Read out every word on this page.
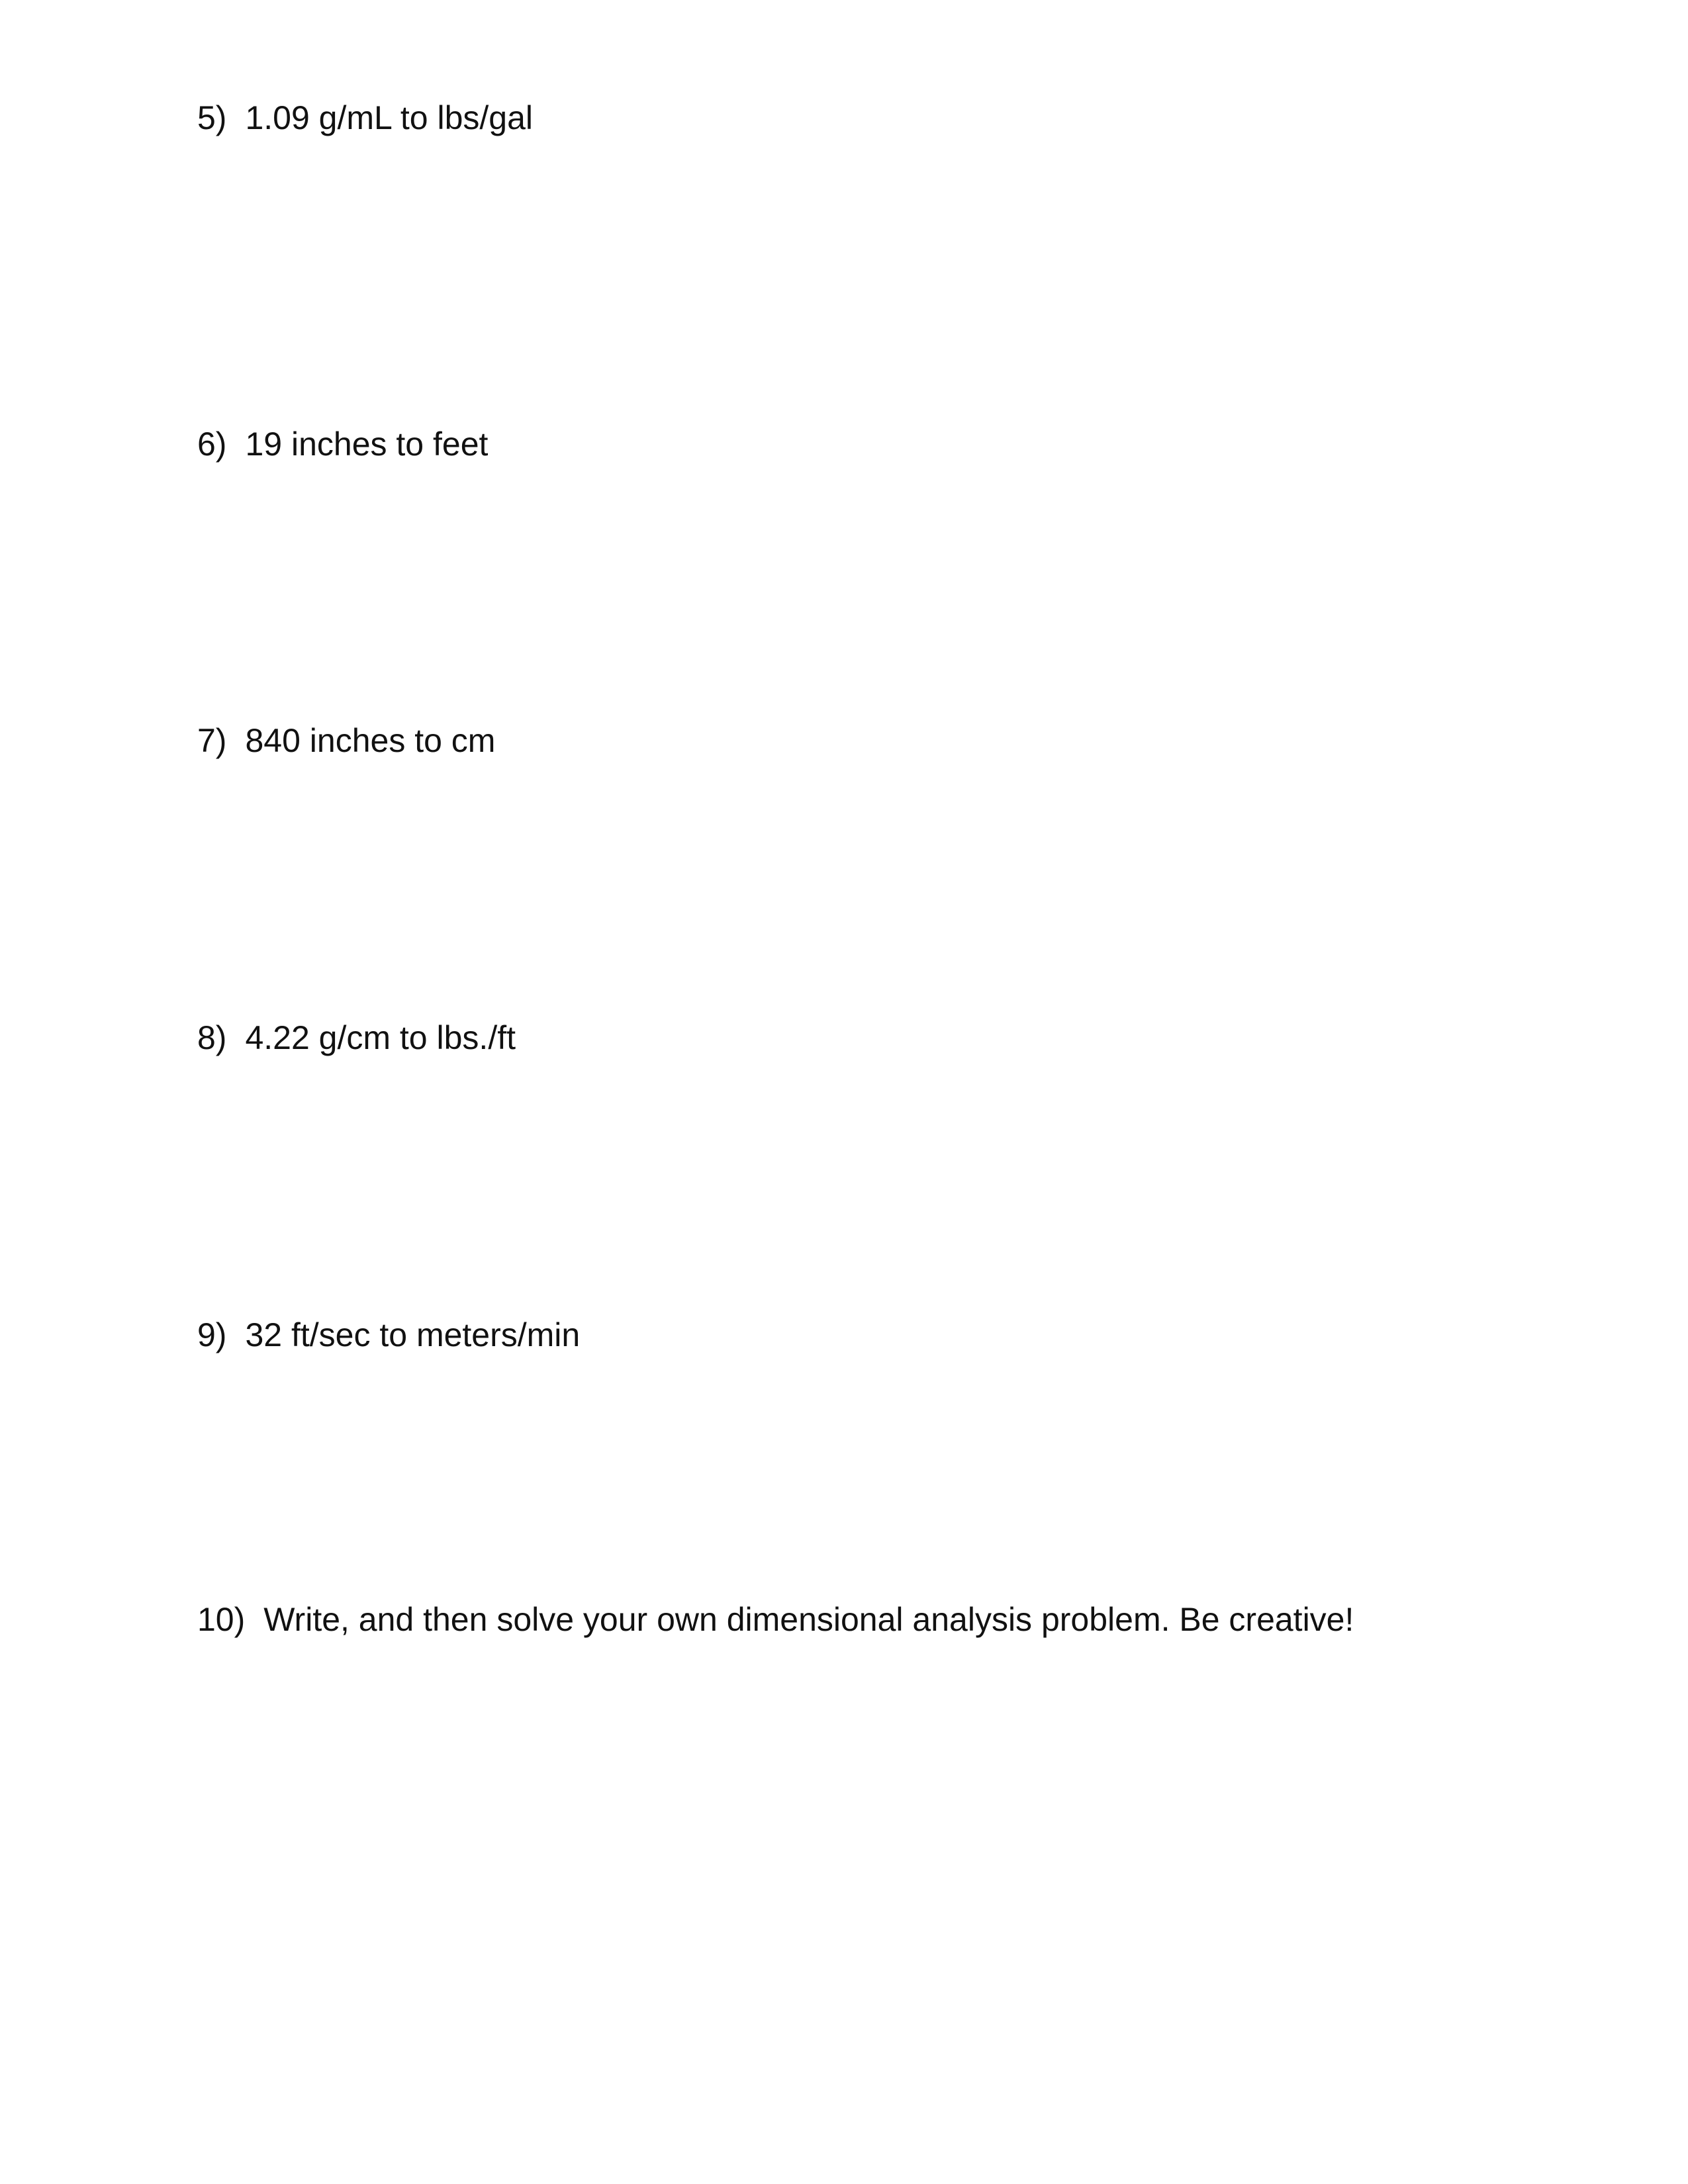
5) 1.09 g/mL to lbs/gal
6) 19 inches to feet
7) 840 inches to cm
8) 4.22 g/cm to lbs./ft
9) 32 ft/sec to meters/min
10) Write, and then solve your own dimensional analysis problem. Be creative!
